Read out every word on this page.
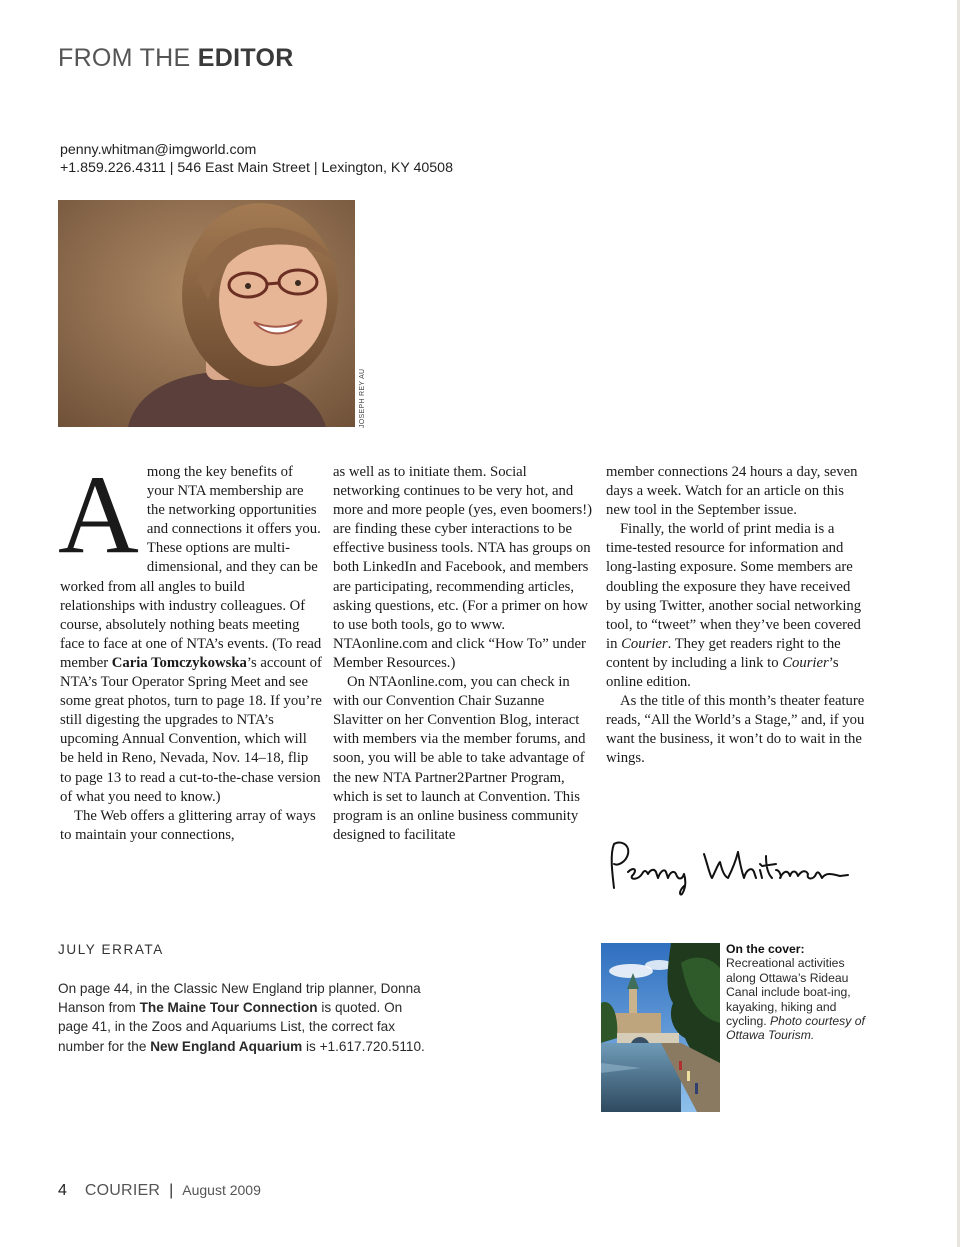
FROM THE EDITOR
penny.whitman@imgworld.com
+1.859.226.4311 | 546 East Main Street | Lexington, KY 40508
JOSEPH REY AU
A mong the key benefits of your NTA membership are the networking opportunities and connections it offers you. These options are multi-dimensional, and they can be worked from all angles to build relationships with industry colleagues. Of course, absolutely nothing beats meeting face to face at one of NTA’s events. (To read member Caria Tomczykowska’s account of NTA’s Tour Operator Spring Meet and see some great photos, turn to page 18. If you’re still digesting the upgrades to NTA’s upcoming Annual Convention, which will be held in Reno, Nevada, Nov. 14–18, flip to page 13 to read a cut-to-the-chase version of what you need to know.)

The Web offers a glittering array of ways to maintain your connections,

as well as to initiate them. Social networking continues to be very hot, and more and more people (yes, even boomers!) are finding these cyber interactions to be effective business tools. NTA has groups on both LinkedIn and Facebook, and members are participating, recommending articles, asking questions, etc. (For a primer on how to use both tools, go to www. NTAonline.com and click “How To” under Member Resources.)

On NTAonline.com, you can check in with our Convention Chair Suzanne Slavitter on her Convention Blog, interact with members via the member forums, and soon, you will be able to take advantage of the new NTA Partner2Partner Program, which is set to launch at Convention. This program is an online business community designed to facilitate

member connections 24 hours a day, seven days a week. Watch for an article on this new tool in the September issue.

Finally, the world of print media is a time-tested resource for information and long-lasting exposure. Some members are doubling the exposure they have received by using Twitter, another social networking tool, to “tweet” when they’ve been covered in Courier. They get readers right to the content by including a link to Courier’s online edition.

As the title of this month’s theater feature reads, “All the World’s a Stage,” and, if you want the business, it won’t do to wait in the wings.

JULY ERRATA
On page 44, in the Classic New England trip planner, Donna Hanson from The Maine Tour Connection is quoted. On page 41, in the Zoos and Aquariums List, the correct fax number for the New England Aquarium is +1.617.720.5110.
On the cover: Recreational activities along Ottawa’s Rideau Canal include boat-ing, kayaking, hiking and cycling. Photo courtesy of Ottawa Tourism.
4 COURIER | August 2009
